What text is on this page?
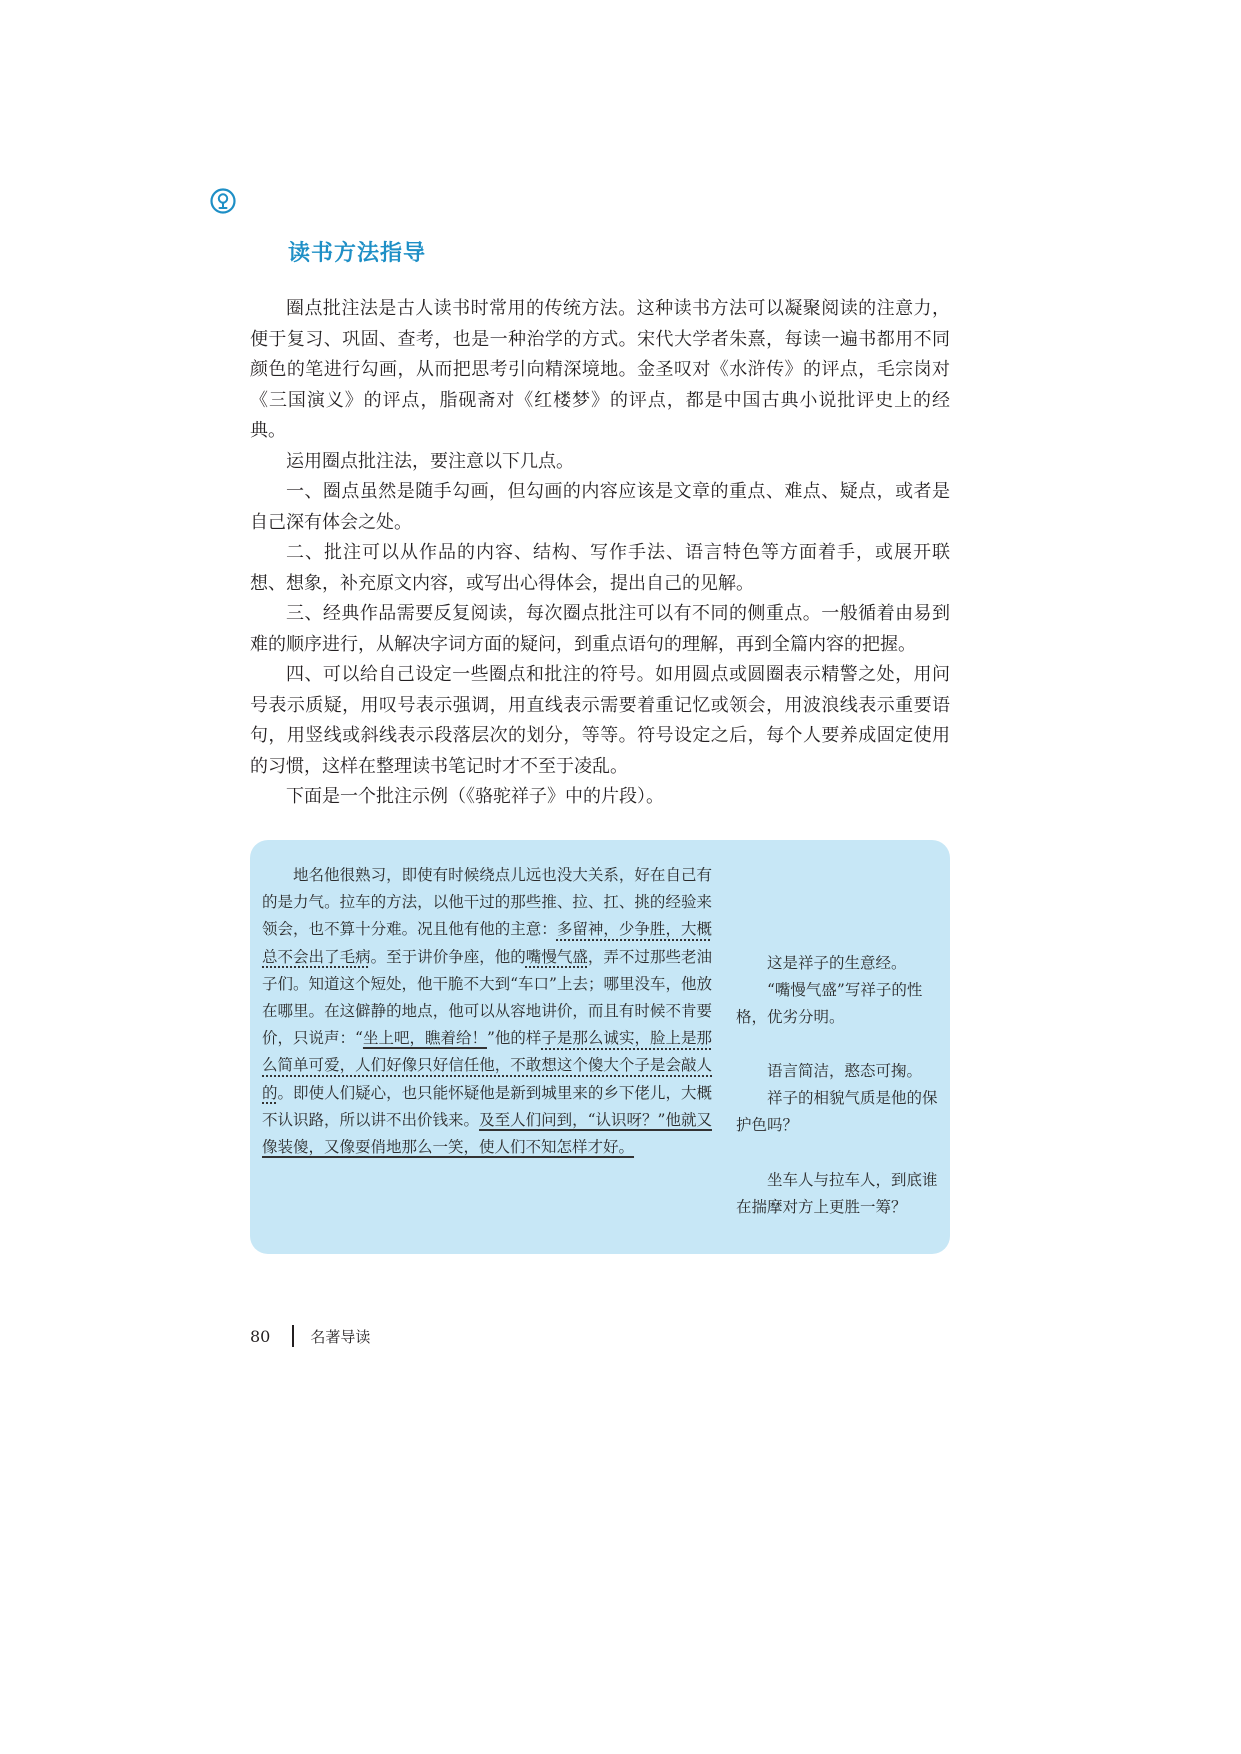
读书方法指导

圈点批注法是古人读书时常用的传统方法。这种读书方法可以凝聚阅读的注意力，便于复习、巩固、查考，也是一种治学的方式。宋代大学者朱熹，每读一遍书都用不同颜色的笔进行勾画，从而把思考引向精深境地。金圣叹对《水浒传》的评点，毛宗岗对《三国演义》的评点，脂砚斋对《红楼梦》的评点，都是中国古典小说批评史上的经典。

运用圈点批注法，要注意以下几点。

一、圈点虽然是随手勾画，但勾画的内容应该是文章的重点、难点、疑点，或者是自己深有体会之处。

二、批注可以从作品的内容、结构、写作手法、语言特色等方面着手，或展开联想、想象，补充原文内容，或写出心得体会，提出自己的见解。

三、经典作品需要反复阅读，每次圈点批注可以有不同的侧重点。一般循着由易到难的顺序进行，从解决字词方面的疑问，到重点语句的理解，再到全篇内容的把握。

四、可以给自己设定一些圈点和批注的符号。如用圆点或圆圈表示精警之处，用问号表示质疑，用叹号表示强调，用直线表示需要着重记忆或领会，用波浪线表示重要语句，用竖线或斜线表示段落层次的划分，等等。符号设定之后，每个人要养成固定使用的习惯，这样在整理读书笔记时才不至于凌乱。

下面是一个批注示例（《骆驼祥子》中的片段）。

地名他很熟习，即使有时候绕点儿远也没大关系，好在自己有的是力气。拉车的方法，以他干过的那些推、拉、扛、挑的经验来领会，也不算十分难。况且他有他的主意：多留神，少争胜，大概总不会出了毛病。至于讲价争座，他的嘴慢气盛，弄不过那些老油子们。知道这个短处，他干脆不大到“车口”上去；哪里没车，他放在哪里。在这僻静的地点，他可以从容地讲价，而且有时候不肯要价，只说声：“坐上吧，瞧着给！”他的样子是那么诚实，脸上是那么简单可爱，人们好像只好信任他，不敢想这个傻大个子是会敲人的。即使人们疑心，也只能怀疑他是新到城里来的乡下佬儿，大概不认识路，所以讲不出价钱来。及至人们问到，“认识呀？”他就又像装傻，又像耍俏地那么一笑，使人们不知怎样才好。

这是祥子的生意经。

“嘴慢气盛”写祥子的性格，优劣分明。

语言简洁，憨态可掬。

祥子的相貌气质是他的保护色吗？

坐车人与拉车人，到底谁在揣摩对方上更胜一筹？

80	名著导读
